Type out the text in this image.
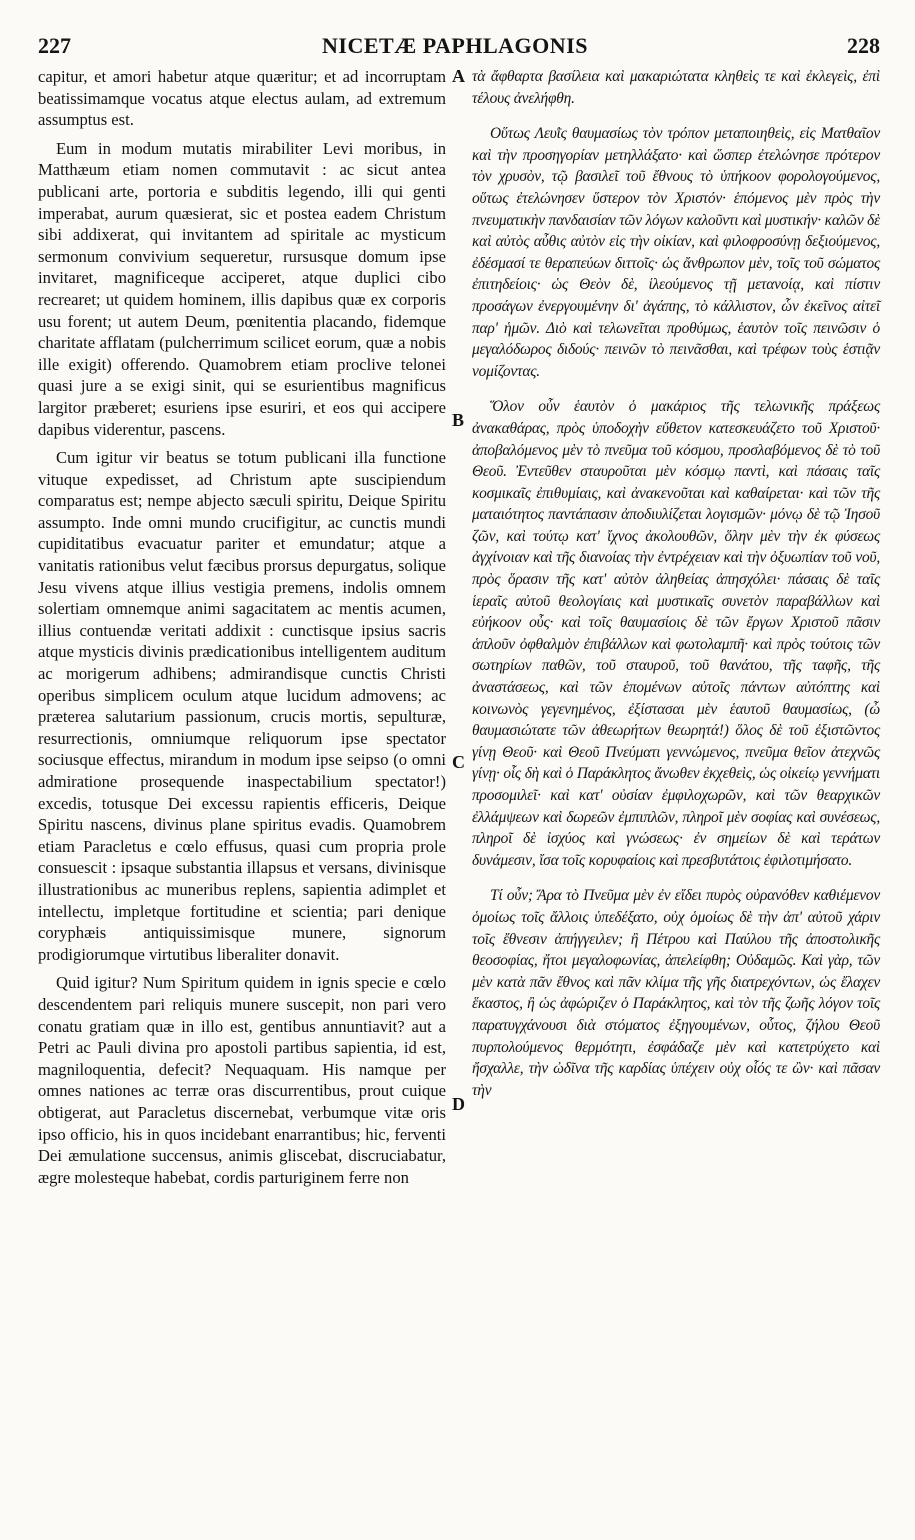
227	NICETÆ PAPHLAGONIS	228

capitur, et amori habetur atque quæritur; et ad incorruptam beatissimamque vocatus atque electus aulam, ad extremum assumptus est.

Eum in modum mutatis mirabiliter Levi moribus, in Matthæum etiam nomen commutavit : ac sicut antea publicani arte, portoria e subditis legendo, illi qui genti imperabat, aurum quæsierat, sic et postea eadem Christum sibi addixerat, qui invitantem ad spiritale ac mysticum sermonum convivium sequeretur, rursusque domum ipse invitaret, magnificeque acciperet, atque duplici cibo recrearet; ut quidem hominem, illis dapibus quæ ex corporis usu forent; ut autem Deum, pœnitentia placando, fidemque charitate afflatam (pulcherrimum scilicet eorum, quæ a nobis ille exigit) offerendo. Quamobrem etiam proclive telonei quasi jure a se exigi sinit, qui se esurientibus magnificus largitor præberet; esuriens ipse esuriri, et eos qui accipere dapibus viderentur, pascens.

Cum igitur vir beatus se totum publicani illa functione vituque expedisset, ad Christum apte suscipiendum comparatus est; nempe abjecto sæculi spiritu, Deique Spiritu assumpto. Inde omni mundo crucifigitur, ac cunctis mundi cupiditatibus evacuatur pariter et emundatur; atque a vanitatis rationibus velut fæcibus prorsus depurgatus, solique Jesu vivens atque illius vestigia premens, indolis omnem solertiam omnemque animi sagacitatem ac mentis acumen, illius contuendæ veritati addixit : cunctisque ipsius sacris atque mysticis divinis prædicationibus intelligentem auditum ac morigerum adhibens; admirandisque cunctis Christi operibus simplicem oculum atque lucidum admovens; ac præterea salutarium passionum, crucis mortis, sepulturæ, resurrectionis, omniumque reliquorum ipse spectator sociusque effectus, mirandum in modum ipse seipso (o omni admiratione prosequende inaspectabilium spectator!) excedis, totusque Dei excessu rapientis efficeris, Deique Spiritu nascens, divinus plane spiritus evadis. Quamobrem etiam Paracletus e cœlo effusus, quasi cum propria prole consuescit : ipsaque substantia illapsus et versans, divinisque illustrationibus ac muneribus replens, sapientia adimplet et intellectu, impletque fortitudine et scientia; pari denique coryphæis antiquissimisque munere, signorum prodigiorumque virtutibus liberaliter donavit.

Quid igitur? Num Spiritum quidem in ignis specie e cœlo descendentem pari reliquis munere suscepit, non pari vero conatu gratiam quæ in illo est, gentibus annuntiavit? aut a Petri ac Pauli divina pro apostoli partibus sapientia, id est, magniloquentia, defecit? Nequaquam. His namque per omnes nationes ac terræ oras discurrentibus, prout cuique obtigerat, aut Paracletus discernebat, verbumque vitæ oris ipso officio, his in quos incidebant enarrantibus; hic, ferventi Dei æmulatione succensus, animis gliscebat, discruciabatur, ægre molesteque habebat, cordis parturiginem ferre non

A
B
C
D

τὰ ἄφθαρτα βασίλεια καὶ μακαριώτατα κληθεὶς τε καὶ ἐκλεγεὶς, ἐπὶ τέλους ἀνελήφθη.

Οὕτως Λευῒς θαυμασίως τὸν τρόπον μεταποιηθεὶς, εἰς Ματθαῖον καὶ τὴν προσηγορίαν μετηλλάξατο· καὶ ὥσπερ ἐτελώνησε πρότερον τὸν χρυσὸν, τῷ βασιλεῖ τοῦ ἔθνους τὸ ὑπήκοον φορολογούμενος, οὕτως ἐτελώνησεν ὕστερον τὸν Χριστόν· ἑπόμενος μὲν πρὸς τὴν πνευματικὴν πανδαισίαν τῶν λόγων καλοῦντι καὶ μυστικήν· καλῶν δὲ καὶ αὐτὸς αὖθις αὐτὸν εἰς τὴν οἰκίαν, καὶ φιλοφροσύνῃ δεξιούμενος, ἐδέσμασί τε θεραπεύων διττοῖς· ὡς ἄνθρωπον μὲν, τοῖς τοῦ σώματος ἐπιτηδείοις· ὡς Θεὸν δὲ, ἱλεούμενος τῇ μετανοίᾳ, καὶ πίστιν προσάγων ἐνεργουμένην δι' ἀγάπης, τὸ κάλλιστον, ὧν ἐκεῖνος αἰτεῖ παρ' ἡμῶν. Διὸ καὶ τελωνεῖται προθύμως, ἑαυτὸν τοῖς πεινῶσιν ὁ μεγαλόδωρος διδούς· πεινῶν τὸ πεινᾶσθαι, καὶ τρέφων τοὺς ἑστιᾷν νομίζοντας.

Ὅλον οὖν ἑαυτὸν ὁ μακάριος τῆς τελωνικῆς πράξεως ἀνακαθάρας, πρὸς ὑποδοχὴν εὔθετον κατεσκευάζετο τοῦ Χριστοῦ· ἀποβαλόμενος μὲν τὸ πνεῦμα τοῦ κόσμου, προσλαβόμενος δὲ τὸ τοῦ Θεοῦ. Ἐντεῦθεν σταυροῦται μὲν κόσμῳ παντὶ, καὶ πάσαις ταῖς κοσμικαῖς ἐπιθυμίαις, καὶ ἀνακενοῦται καὶ καθαίρεται· καὶ τῶν τῆς ματαιότητος παντάπασιν ἀποδιυλίζεται λογισμῶν· μόνῳ δὲ τῷ Ἰησοῦ ζῶν, καὶ τούτῳ κατ' ἴχνος ἀκολουθῶν, ὅλην μὲν τὴν ἐκ φύσεως ἀγχίνοιαν καὶ τῆς διανοίας τὴν ἐντρέχειαν καὶ τὴν ὀξυωπίαν τοῦ νοῦ, πρὸς ὅρασιν τῆς κατ' αὐτὸν ἀληθείας ἀπησχόλει· πάσαις δὲ ταῖς ἱεραῖς αὐτοῦ θεολογίαις καὶ μυστικαῖς συνετὸν παραβάλλων καὶ εὐήκοον οὖς· καὶ τοῖς θαυμασίοις δὲ τῶν ἔργων Χριστοῦ πᾶσιν ἁπλοῦν ὀφθαλμὸν ἐπιβάλλων καὶ φωτολαμπῆ· καὶ πρὸς τούτοις τῶν σωτηρίων παθῶν, τοῦ σταυροῦ, τοῦ θανάτου, τῆς ταφῆς, τῆς ἀναστάσεως, καὶ τῶν ἑπομένων αὐτοῖς πάντων αὐτόπτης καὶ κοινωνὸς γεγενημένος, ἐξίστασαι μὲν ἑαυτοῦ θαυμασίως, (ὦ θαυμασιώτατε τῶν ἀθεωρήτων θεωρητά!) ὅλος δὲ τοῦ ἐξιστῶντος γίνῃ Θεοῦ· καὶ Θεοῦ Πνεύματι γεννώμενος, πνεῦμα θεῖον ἀτεχνῶς γίνῃ· οἷς δὴ καὶ ὁ Παράκλητος ἄνωθεν ἐκχεθεὶς, ὡς οἰκείῳ γεννήματι προσομιλεῖ· καὶ κατ' οὐσίαν ἐμφιλοχωρῶν, καὶ τῶν θεαρχικῶν ἐλλάμψεων καὶ δωρεῶν ἐμπιπλῶν, πληροῖ μὲν σοφίας καὶ συνέσεως, πληροῖ δὲ ἰσχύος καὶ γνώσεως· ἐν σημείων δὲ καὶ τεράτων δυνάμεσιν, ἴσα τοῖς κορυφαίοις καὶ πρεσβυτάτοις ἐφιλοτιμήσατο.

Τί οὖν; Ἄρα τὸ Πνεῦμα μὲν ἐν εἴδει πυρὸς οὐρανόθεν καθιέμενον ὁμοίως τοῖς ἄλλοις ὑπεδέξατο, οὐχ ὁμοίως δὲ τὴν ἀπ' αὐτοῦ χάριν τοῖς ἔθνεσιν ἀπήγγειλεν; ἢ Πέτρου καὶ Παύλου τῆς ἀποστολικῆς θεοσοφίας, ἤτοι μεγαλοφωνίας, ἀπελείφθη; Οὐδαμῶς. Καὶ γὰρ, τῶν μὲν κατὰ πᾶν ἔθνος καὶ πᾶν κλίμα τῆς γῆς διατρεχόντων, ὡς ἔλαχεν ἕκαστος, ἢ ὡς ἀφώριζεν ὁ Παράκλητος, καὶ τὸν τῆς ζωῆς λόγον τοῖς παρατυγχάνουσι διὰ στόματος ἐξηγουμένων, οὗτος, ζήλου Θεοῦ πυρπολούμενος θερμότητι, ἐσφάδαζε μὲν καὶ κατετρύχετο καὶ ἤσχαλλε, τὴν ὠδῖνα τῆς καρδίας ὑπέχειν οὐχ οἷός τε ὢν· καὶ πᾶσαν τὴν
